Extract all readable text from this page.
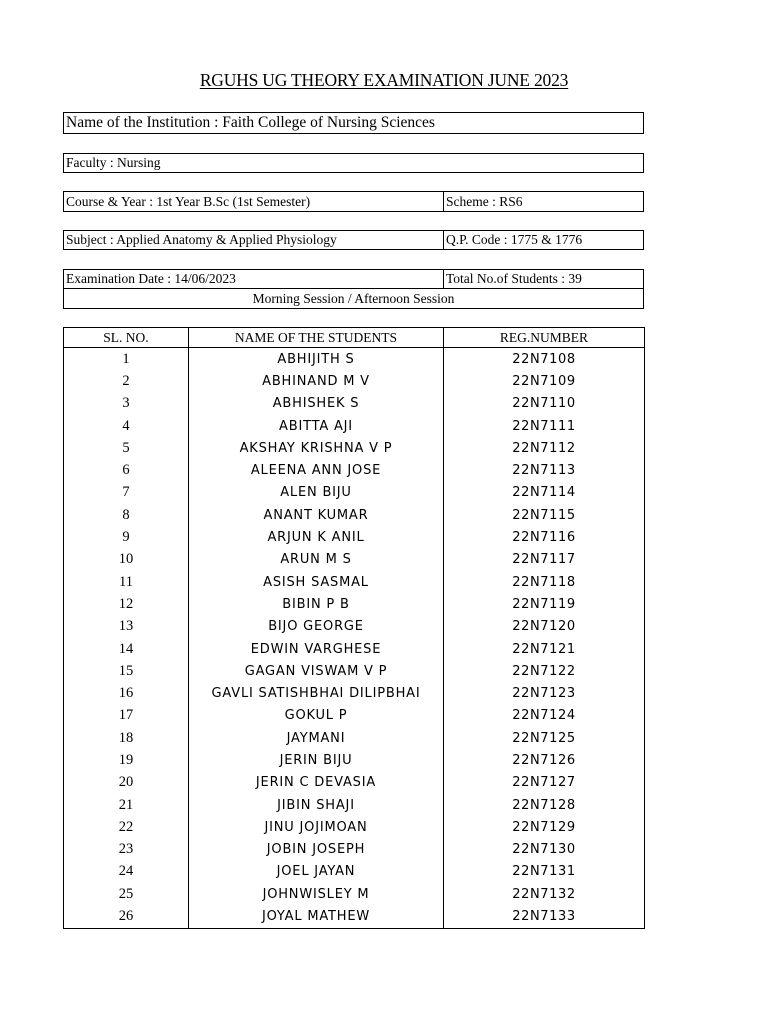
RGUHS UG THEORY EXAMINATION JUNE 2023
Name of the Institution : Faith College of Nursing Sciences
Faculty : Nursing
Course & Year : 1st Year B.Sc (1st Semester)	Scheme : RS6
Subject : Applied Anatomy & Applied Physiology	Q.P. Code : 1775 & 1776
Examination Date : 14/06/2023	Total No.of Students : 39
Morning Session / Afternoon Session
SL. NO.	NAME OF THE STUDENTS	REG.NUMBER
1	ABHIJITH S	22N7108
2	ABHINAND M V	22N7109
3	ABHISHEK S	22N7110
4	ABITTA AJI	22N7111
5	AKSHAY KRISHNA V P	22N7112
6	ALEENA ANN JOSE	22N7113
7	ALEN BIJU	22N7114
8	ANANT KUMAR	22N7115
9	ARJUN K ANIL	22N7116
10	ARUN M S	22N7117
11	ASISH SASMAL	22N7118
12	BIBIN P B	22N7119
13	BIJO GEORGE	22N7120
14	EDWIN VARGHESE	22N7121
15	GAGAN VISWAM V P	22N7122
16	GAVLI SATISHBHAI DILIPBHAI	22N7123
17	GOKUL P	22N7124
18	JAYMANI	22N7125
19	JERIN BIJU	22N7126
20	JERIN C DEVASIA	22N7127
21	JIBIN SHAJI	22N7128
22	JINU JOJIMOAN	22N7129
23	JOBIN JOSEPH	22N7130
24	JOEL JAYAN	22N7131
25	JOHNWISLEY M	22N7132
26	JOYAL MATHEW	22N7133
